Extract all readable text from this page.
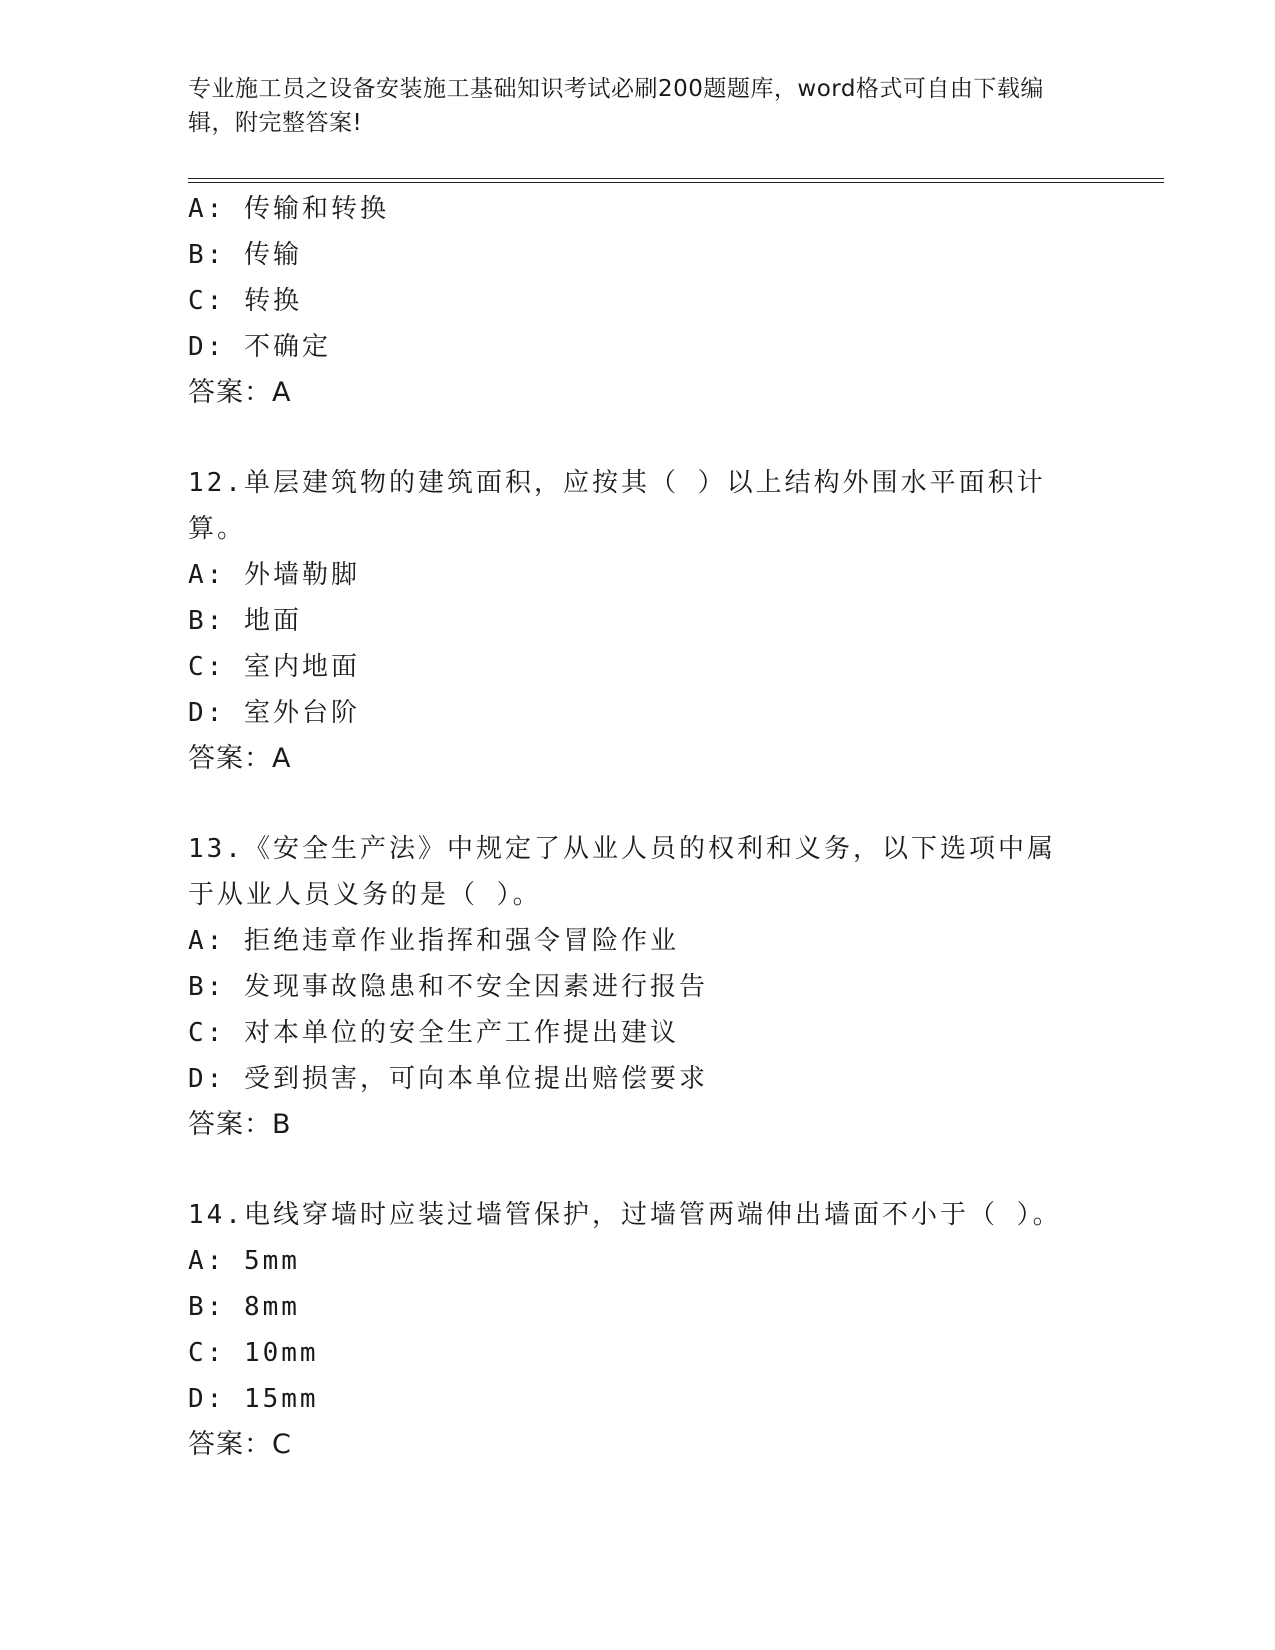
专业施工员之设备安装施工基础知识考试必刷200题题库，word格式可自由下载编辑，附完整答案!
A: 传输和转换
B: 传输
C: 转换
D: 不确定
答案：A
12.单层建筑物的建筑面积，应按其（ ）以上结构外围水平面积计算。
A: 外墙勒脚
B: 地面
C: 室内地面
D: 室外台阶
答案：A
13.《安全生产法》中规定了从业人员的权利和义务，以下选项中属于从业人员义务的是（ ）。
A: 拒绝违章作业指挥和强令冒险作业
B: 发现事故隐患和不安全因素进行报告
C: 对本单位的安全生产工作提出建议
D: 受到损害，可向本单位提出赔偿要求
答案：B
14.电线穿墙时应装过墙管保护，过墙管两端伸出墙面不小于（ ）。
A: 5mm
B: 8mm
C: 10mm
D: 15mm
答案：C
